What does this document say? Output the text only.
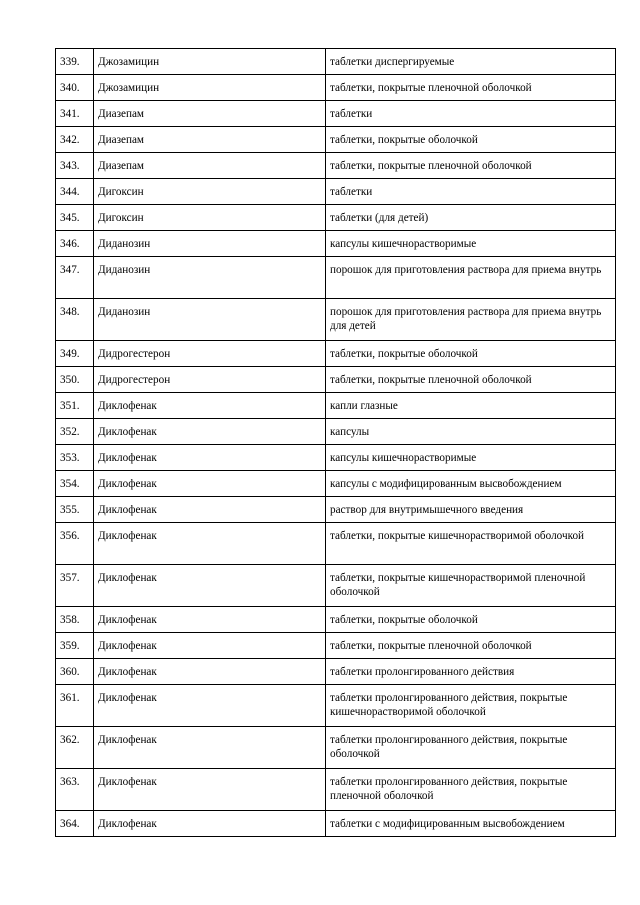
339.	Джозамицин	таблетки диспергируемые
340.	Джозамицин	таблетки, покрытые пленочной оболочкой
341.	Диазепам	таблетки
342.	Диазепам	таблетки, покрытые оболочкой
343.	Диазепам	таблетки, покрытые пленочной оболочкой
344.	Дигоксин	таблетки
345.	Дигоксин	таблетки (для детей)
346.	Диданозин	капсулы кишечнорастворимые
347.	Диданозин	порошок для приготовления раствора для приема внутрь
348.	Диданозин	порошок для приготовления раствора для приема внутрь для детей
349.	Дидрогестерон	таблетки, покрытые оболочкой
350.	Дидрогестерон	таблетки, покрытые пленочной оболочкой
351.	Диклофенак	капли глазные
352.	Диклофенак	капсулы
353.	Диклофенак	капсулы кишечнорастворимые
354.	Диклофенак	капсулы с модифицированным высвобождением
355.	Диклофенак	раствор для внутримышечного введения
356.	Диклофенак	таблетки, покрытые кишечнорастворимой оболочкой
357.	Диклофенак	таблетки, покрытые кишечнорастворимой пленочной оболочкой
358.	Диклофенак	таблетки, покрытые оболочкой
359.	Диклофенак	таблетки, покрытые пленочной оболочкой
360.	Диклофенак	таблетки пролонгированного действия
361.	Диклофенак	таблетки пролонгированного действия, покрытые кишечнорастворимой оболочкой
362.	Диклофенак	таблетки пролонгированного действия, покрытые оболочкой
363.	Диклофенак	таблетки пролонгированного действия, покрытые пленочной оболочкой
364.	Диклофенак	таблетки с модифицированным высвобождением
